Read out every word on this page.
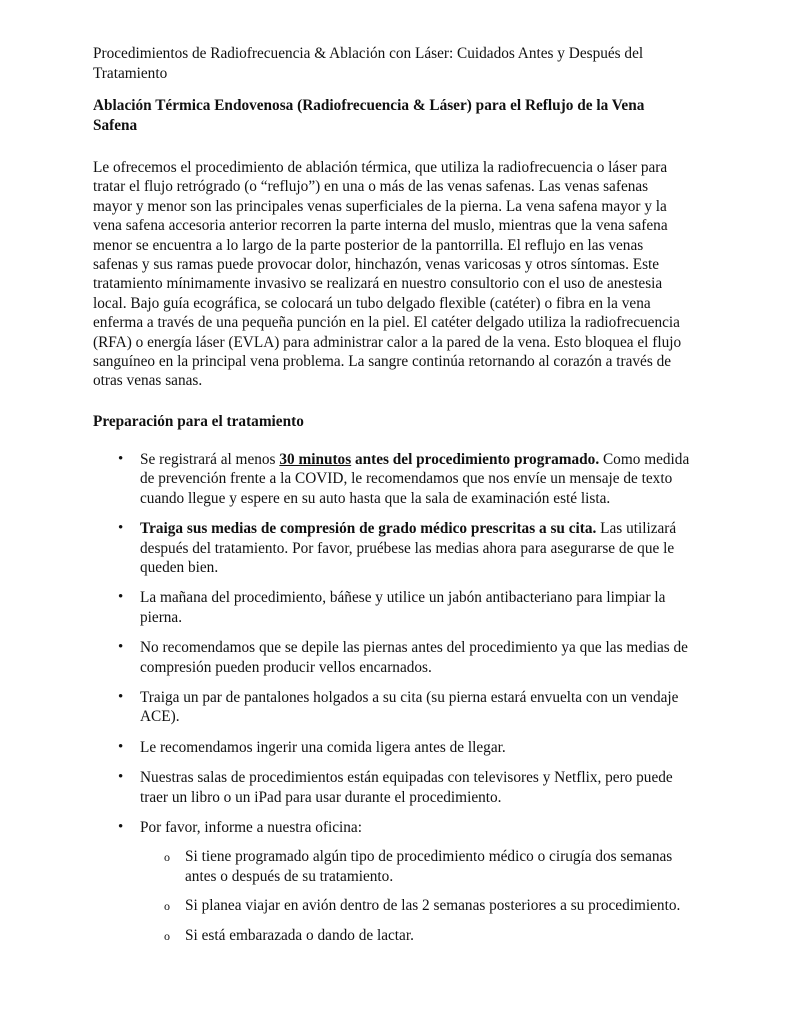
Procedimientos de Radiofrecuencia & Ablación con Láser: Cuidados Antes y Después del Tratamiento
Ablación Térmica Endovenosa (Radiofrecuencia & Láser) para el Reflujo de la Vena Safena
Le ofrecemos el procedimiento de ablación térmica, que utiliza la radiofrecuencia o láser para tratar el flujo retrógrado (o “reflujo”) en una o más de las venas safenas. Las venas safenas mayor y menor son las principales venas superficiales de la pierna. La vena safena mayor y la vena safena accesoria anterior recorren la parte interna del muslo, mientras que la vena safena menor se encuentra a lo largo de la parte posterior de la pantorrilla. El reflujo en las venas safenas y sus ramas puede provocar dolor, hinchazón, venas varicosas y otros síntomas. Este tratamiento mínimamente invasivo se realizará en nuestro consultorio con el uso de anestesia local. Bajo guía ecográfica, se colocará un tubo delgado flexible (catéter) o fibra en la vena enferma a través de una pequeña punción en la piel. El catéter delgado utiliza la radiofrecuencia (RFA) o energía láser (EVLA) para administrar calor a la pared de la vena. Esto bloquea el flujo sanguíneo en la principal vena problema. La sangre continúa retornando al corazón a través de otras venas sanas.
Preparación para el tratamiento
• Se registrará al menos 30 minutos antes del procedimiento programado. Como medida de prevención frente a la COVID, le recomendamos que nos envíe un mensaje de texto cuando llegue y espere en su auto hasta que la sala de examinación esté lista.
• Traiga sus medias de compresión de grado médico prescritas a su cita. Las utilizará después del tratamiento. Por favor, pruébese las medias ahora para asegurarse de que le queden bien.
• La mañana del procedimiento, báñese y utilice un jabón antibacteriano para limpiar la pierna.
• No recomendamos que se depile las piernas antes del procedimiento ya que las medias de compresión pueden producir vellos encarnados.
• Traiga un par de pantalones holgados a su cita (su pierna estará envuelta con un vendaje ACE).
• Le recomendamos ingerir una comida ligera antes de llegar.
• Nuestras salas de procedimientos están equipadas con televisores y Netflix, pero puede traer un libro o un iPad para usar durante el procedimiento.
• Por favor, informe a nuestra oficina:
o Si tiene programado algún tipo de procedimiento médico o cirugía dos semanas antes o después de su tratamiento.
o Si planea viajar en avión dentro de las 2 semanas posteriores a su procedimiento.
o Si está embarazada o dando de lactar.
